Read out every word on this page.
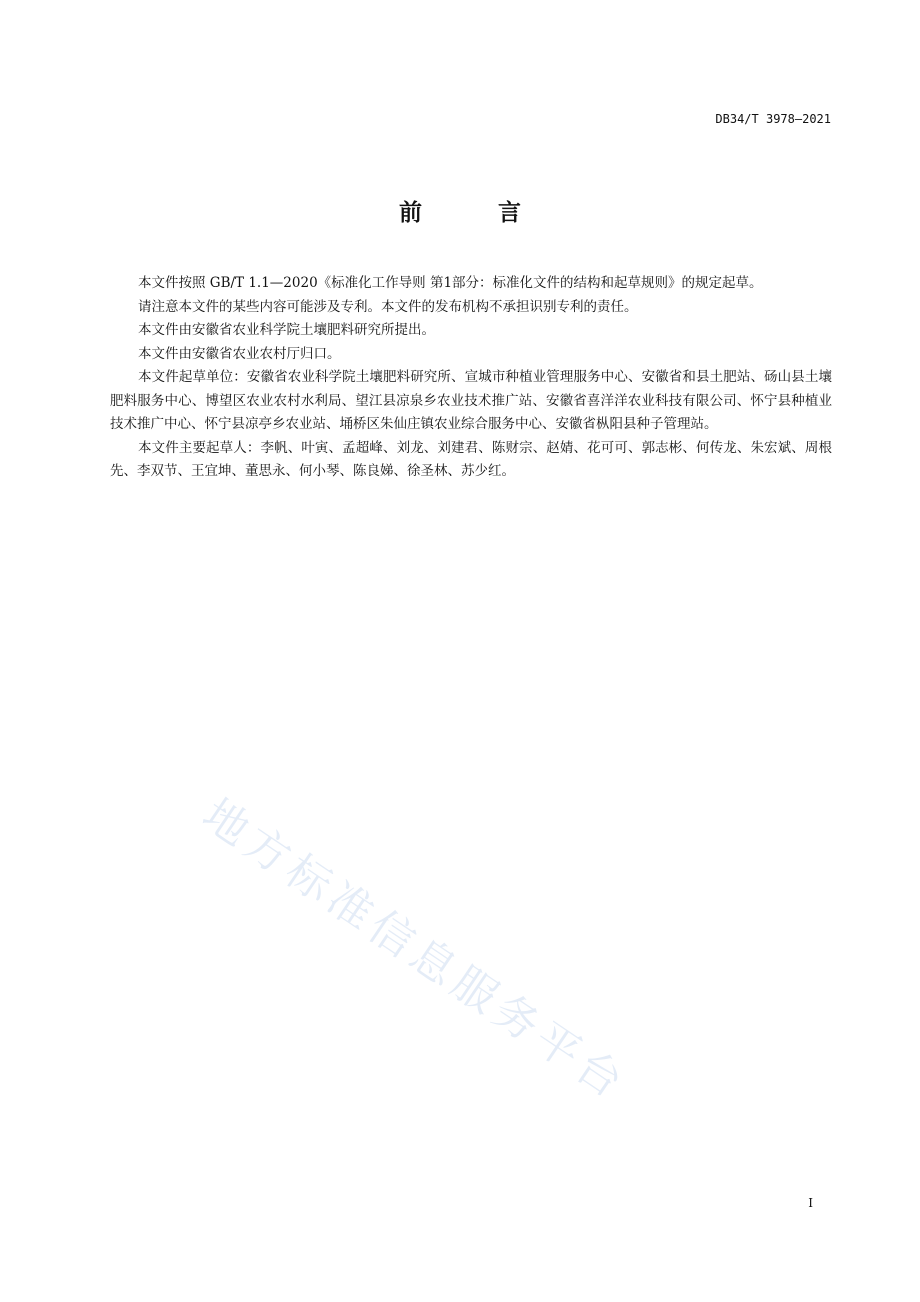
DB34/T 3978—2021
前 言

本文件按照 GB/T 1.1—2020《标准化工作导则 第1部分：标准化文件的结构和起草规则》的规定起草。

请注意本文件的某些内容可能涉及专利。本文件的发布机构不承担识别专利的责任。

本文件由安徽省农业科学院土壤肥料研究所提出。

本文件由安徽省农业农村厅归口。

本文件起草单位：安徽省农业科学院土壤肥料研究所、宣城市种植业管理服务中心、安徽省和县土肥站、砀山县土壤肥料服务中心、博望区农业农村水利局、望江县凉泉乡农业技术推广站、安徽省喜洋洋农业科技有限公司、怀宁县种植业技术推广中心、怀宁县凉亭乡农业站、埇桥区朱仙庄镇农业综合服务中心、安徽省枞阳县种子管理站。

本文件主要起草人：李帆、叶寅、孟超峰、刘龙、刘建君、陈财宗、赵婧、花可可、郭志彬、何传龙、朱宏斌、周根先、李双节、王宜坤、董思永、何小琴、陈良娣、徐圣林、苏少红。

地方标准信息服务平台
I
